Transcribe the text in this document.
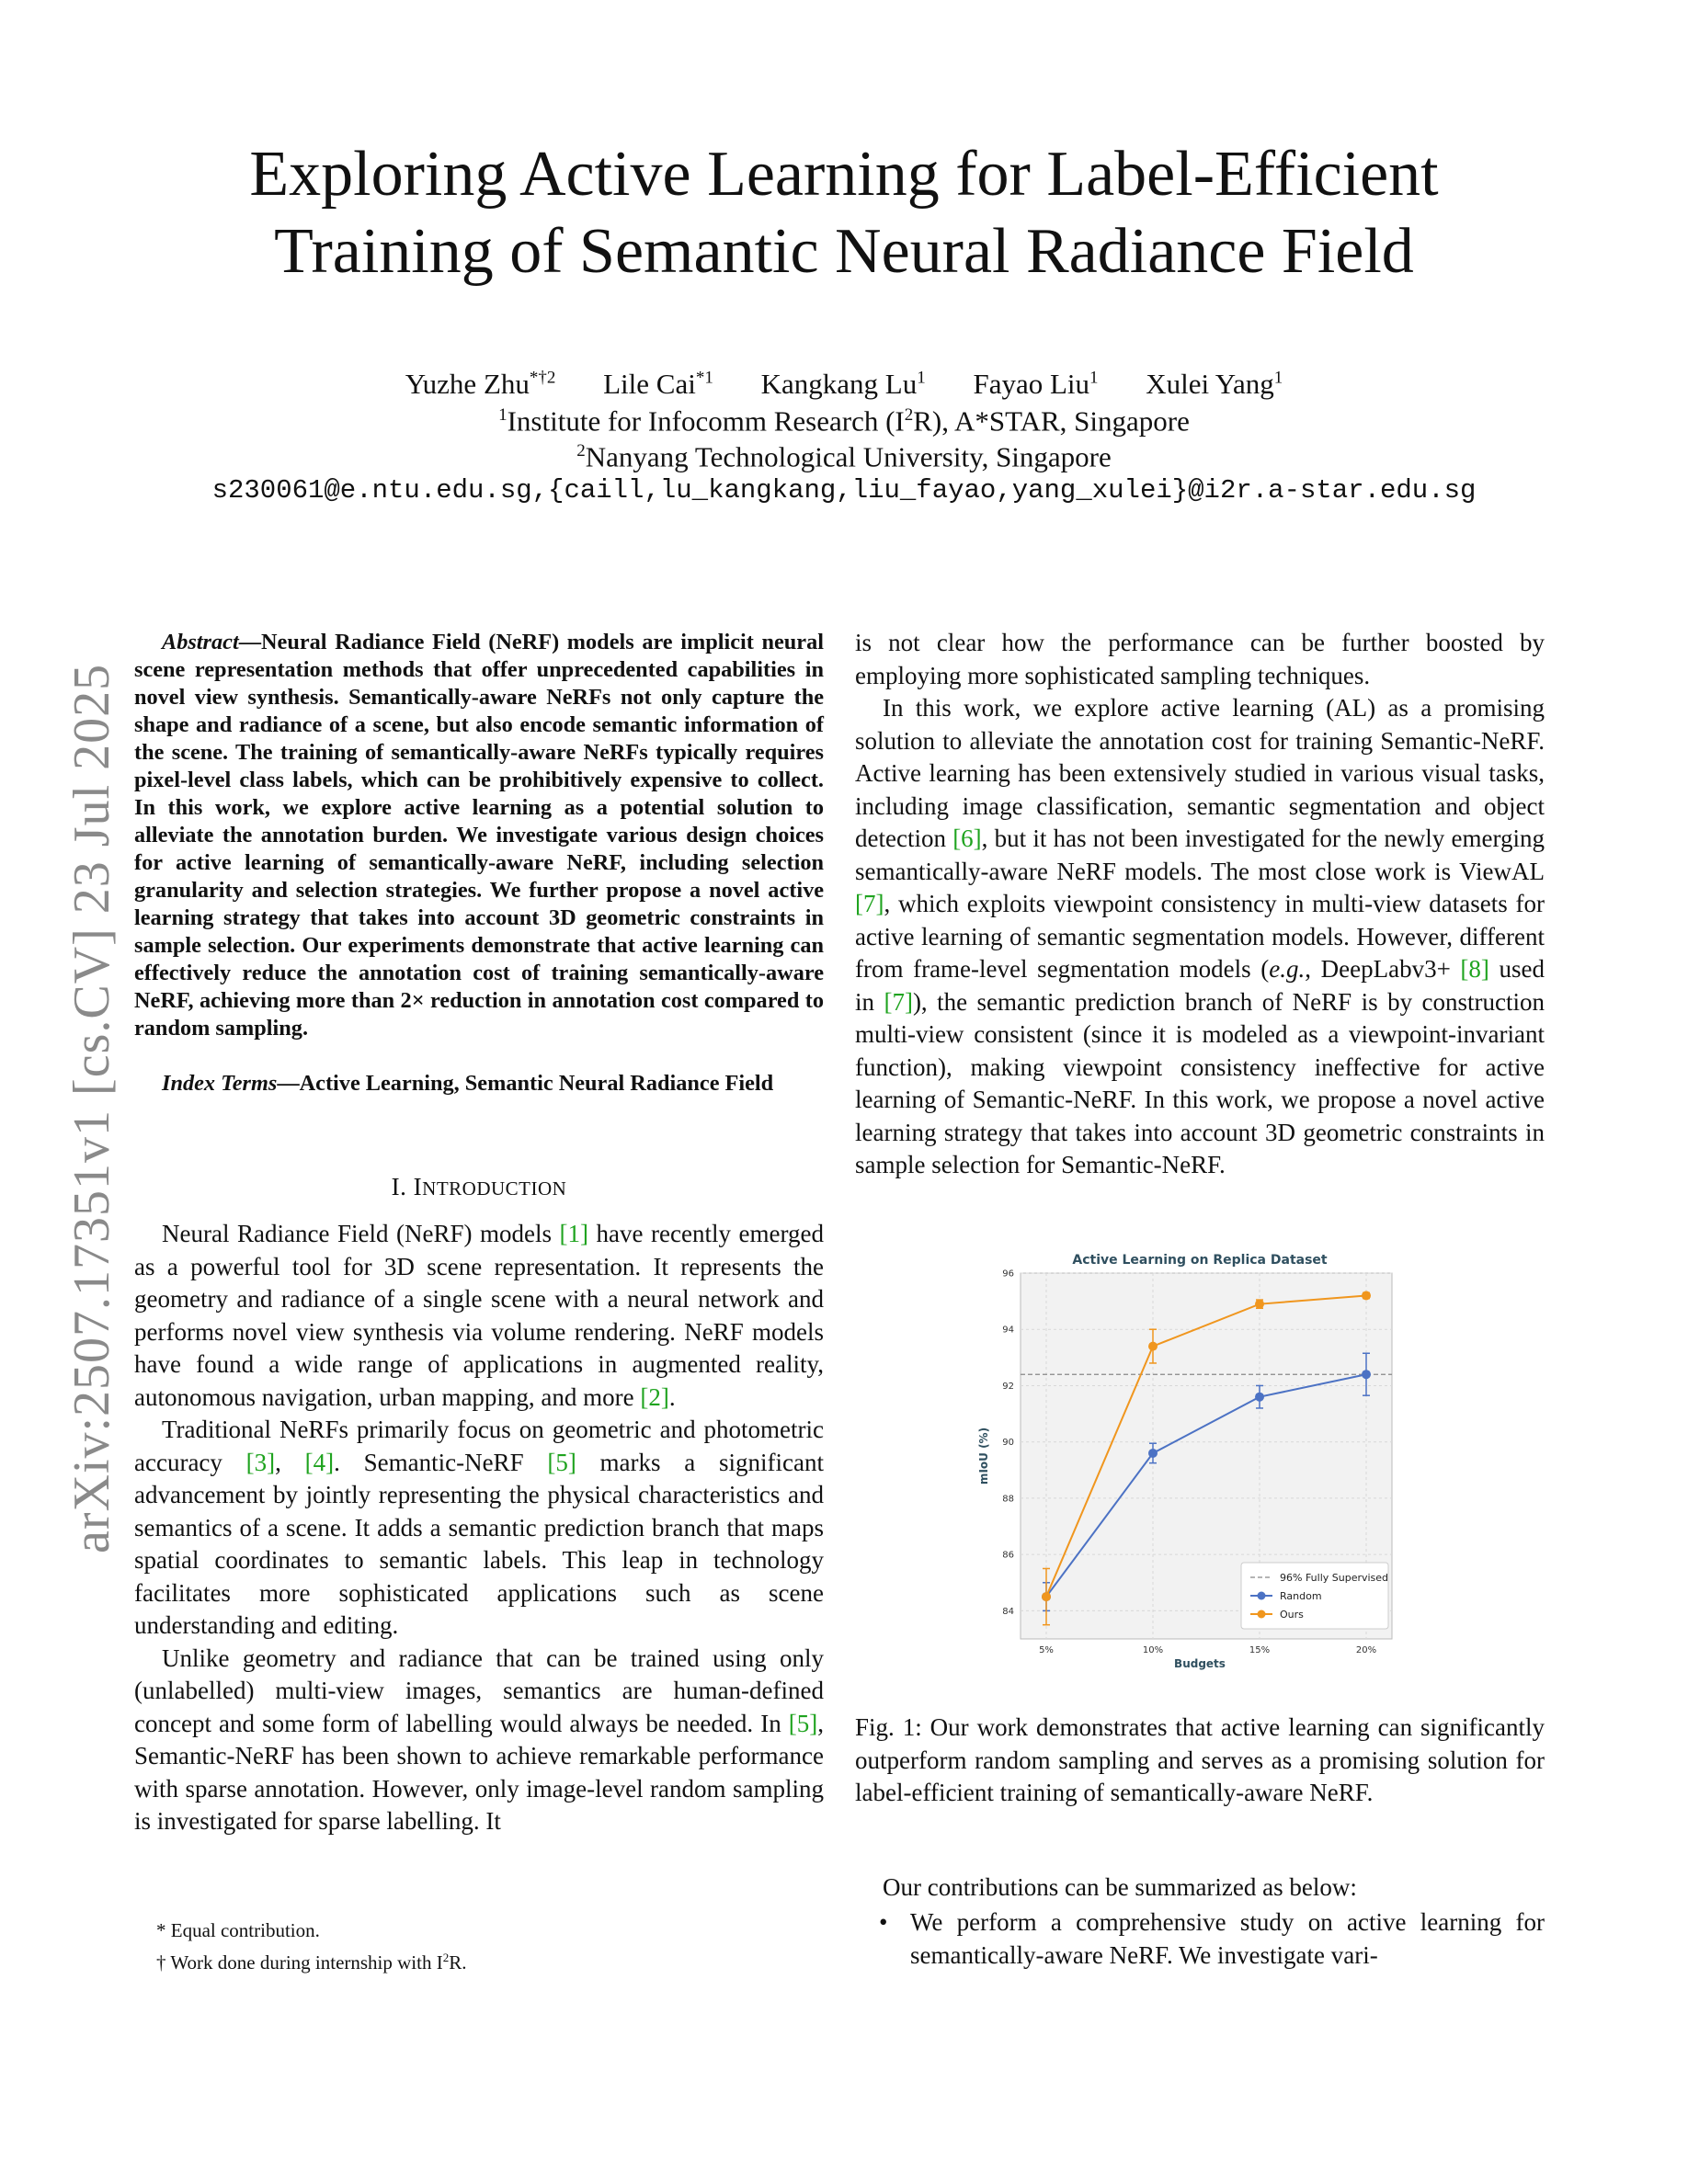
Exploring Active Learning for Label-Efficient
Training of Semantic Neural Radiance Field
Yuzhe Zhu$^{*\dagger 2}$ Lile Cai$^{*1}$ Kangkang Lu$^1$ Fayao Liu$^1$ Xulei Yang$^1$
$^1$Institute for Infocomm Research $(I^2R)$, A*STAR, Singapore
$^2$Nanyang Technological University, Singapore
s230061@e.ntu.edu.sg,{caill,lu_kangkang,liu_fayao,yang_xulei}@i2r.a-star.edu.sg
arXiv:2507.17351v1 [cs.CV] 23 Jul 2025

Abstract—Neural Radiance Field (NeRF) models are implicit neural scene representation methods that offer unprecedented capabilities in novel view synthesis. Semantically-aware NeRFs not only capture the shape and radiance of a scene, but also encode semantic information of the scene. The training of semantically-aware NeRFs typically requires pixel-level class labels, which can be prohibitively expensive to collect. In this work, we explore active learning as a potential solution to alleviate the annotation burden. We investigate various design choices for active learning of semantically-aware NeRF, including selection granularity and selection strategies. We further propose a novel active learning strategy that takes into account 3D geometric constraints in sample selection. Our experiments demonstrate that active learning can effectively reduce the annotation cost of training semantically-aware NeRF, achieving more than 2× reduction in annotation cost compared to random sampling.

Index Terms—Active Learning, Semantic Neural Radiance Field

I. INTRODUCTION

Neural Radiance Field (NeRF) models [1] have recently emerged as a powerful tool for 3D scene representation. It represents the geometry and radiance of a single scene with a neural network and performs novel view synthesis via volume rendering. NeRF models have found a wide range of applications in augmented reality, autonomous navigation, urban mapping, and more [2].

Traditional NeRFs primarily focus on geometric and photometric accuracy [3], [4]. Semantic-NeRF [5] marks a significant advancement by jointly representing the physical characteristics and semantics of a scene. It adds a semantic prediction branch that maps spatial coordinates to semantic labels. This leap in technology facilitates more sophisticated applications such as scene understanding and editing.

Unlike geometry and radiance that can be trained using only (unlabelled) multi-view images, semantics are human-defined concept and some form of labelling would always be needed. In [5], Semantic-NeRF has been shown to achieve remarkable performance with sparse annotation. However, only image-level random sampling is investigated for sparse labelling. It

* Equal contribution.
† Work done during internship with $I^2R$.

is not clear how the performance can be further boosted by employing more sophisticated sampling techniques.

In this work, we explore active learning (AL) as a promising solution to alleviate the annotation cost for training Semantic-NeRF. Active learning has been extensively studied in various visual tasks, including image classification, semantic segmentation and object detection [6], but it has not been investigated for the newly emerging semantically-aware NeRF models. The most close work is ViewAL [7], which exploits viewpoint consistency in multi-view datasets for active learning of semantic segmentation models. However, different from frame-level segmentation models (e.g., DeepLabv3+ [8] used in [7]), the semantic prediction branch of NeRF is by construction multi-view consistent (since it is modeled as a viewpoint-invariant function), making viewpoint consistency ineffective for active learning of Semantic-NeRF. In this work, we propose a novel active learning strategy that takes into account 3D geometric constraints in sample selection for Semantic-NeRF.

Active Learning on Replica Dataset
84
86
88
90
92
94
96
5%	10%	15%	20%
Budgets
mIoU (%)
96% Fully Supervised
Random
Ours

Fig. 1: Our work demonstrates that active learning can significantly outperform random sampling and serves as a promising solution for label-efficient training of semantically-aware NeRF.

Our contributions can be summarized as below:

• We perform a comprehensive study on active learning for semantically-aware NeRF. We investigate vari-
